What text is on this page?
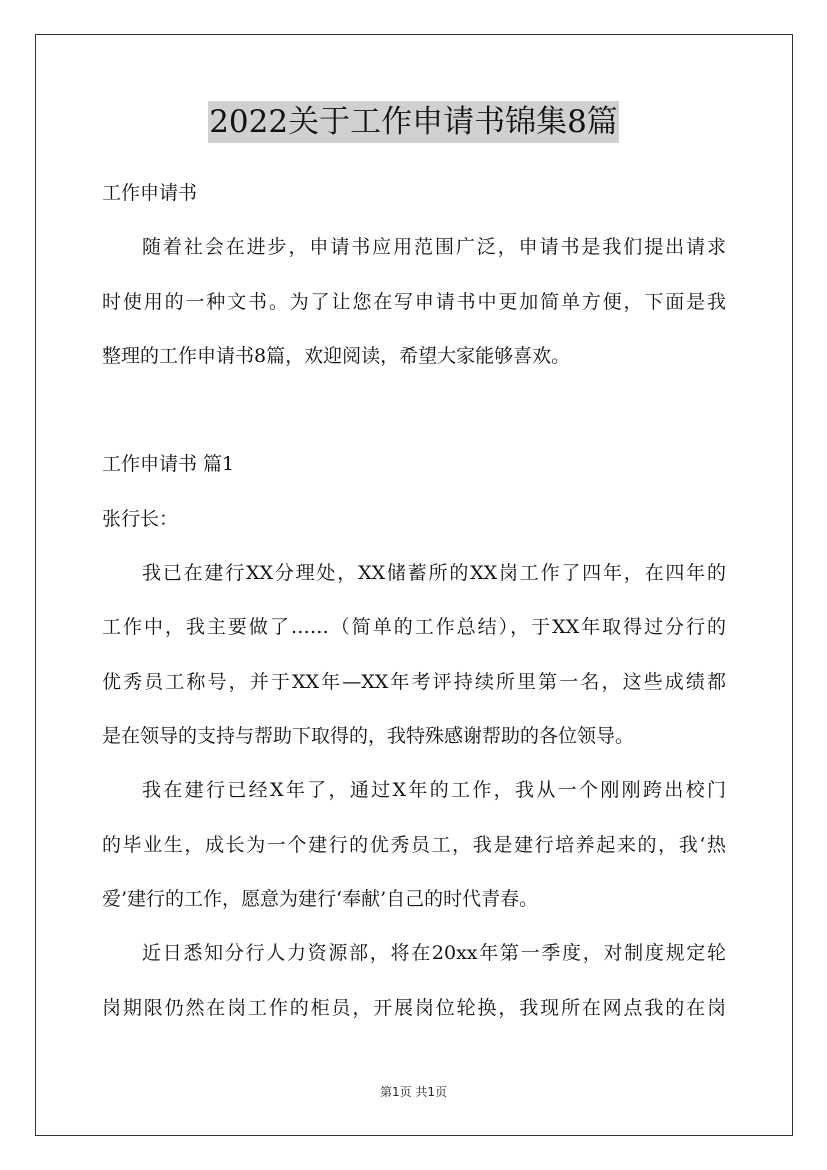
2022关于工作申请书锦集8篇
工作申请书
随着社会在进步，申请书应用范围广泛，申请书是我们提出请求
时使用的一种文书。为了让您在写申请书中更加简单方便，下面是我
整理的工作申请书8篇，欢迎阅读，希望大家能够喜欢。
工作申请书 篇1
张行长：
我已在建行XX分理处，XX储蓄所的XX岗工作了四年，在四年的
工作中，我主要做了……（简单的工作总结），于XX年取得过分行的
优秀员工称号，并于XX年—XX年考评持续所里第一名，这些成绩都
是在领导的支持与帮助下取得的，我特殊感谢帮助的各位领导。
我在建行已经X年了，通过X年的工作，我从一个刚刚跨出校门
的毕业生，成长为一个建行的优秀员工，我是建行培养起来的，我‘热
爱’建行的工作，愿意为建行‘奉献’自己的时代青春。
近日悉知分行人力资源部，将在20xx年第一季度，对制度规定轮
岗期限仍然在岗工作的柜员，开展岗位轮换，我现所在网点我的在岗
第1页 共1页
